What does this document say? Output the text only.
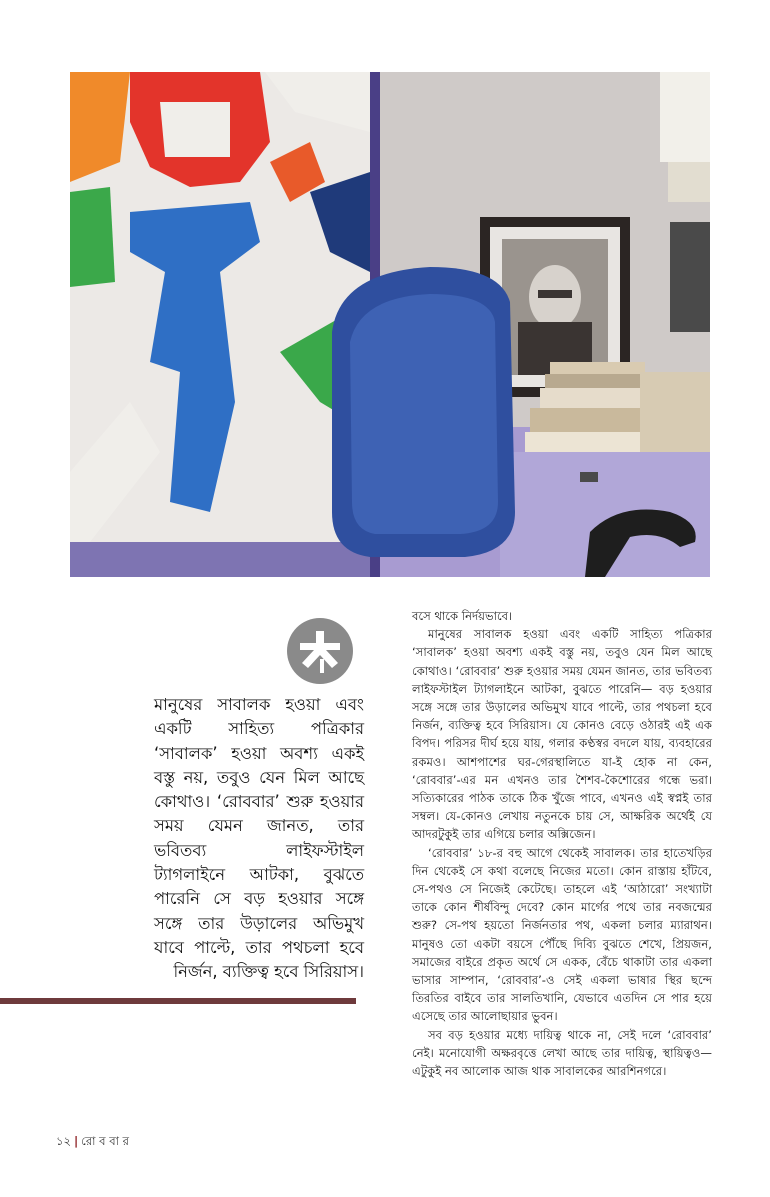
মানুষের সাবালক হওয়া এবং একটি সাহিত্য পত্রিকার ‘সাবালক’ হওয়া অবশ্য একই বস্তু নয়, তবুও যেন মিল আছে কোথাও। ‘রোববার’ শুরু হওয়ার সময় যেমন জানত, তার ভবিতব্য লাইফস্টাইল ট্যাগলাইনে আটকা, বুঝতে পারেনি সে বড় হওয়ার সঙ্গে সঙ্গে তার উড়ালের অভিমুখ যাবে পাল্টে, তার পথচলা হবে নির্জন, ব্যক্তিত্ব হবে সিরিয়াস।

বসে থাকে নির্দয়ভাবে।

মানুষের সাবালক হওয়া এবং একটি সাহিত্য পত্রিকার ‘সাবালক’ হওয়া অবশ্য একই বস্তু নয়, তবুও যেন মিল আছে কোথাও। ‘রোববার’ শুরু হওয়ার সময় যেমন জানত, তার ভবিতব্য লাইফস্টাইল ট্যাগলাইনে আটকা, বুঝতে পারেনি— বড় হওয়ার সঙ্গে সঙ্গে তার উড়ালের অভিমুখ যাবে পাল্টে, তার পথচলা হবে নির্জন, ব্যক্তিত্ব হবে সিরিয়াস। যে কোনও বেড়ে ওঠারই এই এক বিপদ। পরিসর দীর্ঘ হয়ে যায়, গলার কণ্ঠস্বর বদলে যায়, ব্যবহারের রকমও। আশপাশের ঘর-গেরস্থালিতে যা-ই হোক না কেন, ‘রোববার’-এর মন এখনও তার শৈশব-কৈশোরের গন্ধে ভরা। সত্যিকারের পাঠক তাকে ঠিক খুঁজে পাবে, এখনও এই স্বপ্নই তার সম্বল। যে-কোনও লেখায় নতুনকে চায় সে, আক্ষরিক অর্থেই যে আদরটুকুই তার এগিয়ে চলার অক্সিজেন।

‘রোববার’ ১৮-র বহু আগে থেকেই সাবালক। তার হাতেখড়ির দিন থেকেই সে কথা বলেছে নিজের মতো। কোন রাস্তায় হাঁটবে, সে-পথও সে নিজেই কেটেছে। তাহলে এই ‘আঠারো’ সংখ্যাটা তাকে কোন শীর্ষবিন্দু দেবে? কোন মার্গের পথে তার নবজন্মের শুরু? সে-পথ হয়তো নির্জনতার পথ, একলা চলার ম্যারাথন। মানুষও তো একটা বয়সে পৌঁছে দিব্যি বুঝতে শেখে, প্রিয়জন, সমাজের বাইরে প্রকৃত অর্থে সে একক, বেঁচে থাকাটা তার একলা ভাসার সাম্পান, ‘রোববার’-ও সেই একলা ভাষার স্থির ছন্দে তিরতির বাইবে তার সালতিখানি, যেভাবে এতদিন সে পার হয়ে এসেছে তার আলোছায়ার ভুবন।

সব বড় হওয়ার মধ্যে দায়িত্ব থাকে না, সেই দলে ‘রোববার’ নেই। মনোযোগী অক্ষরবৃত্তে লেখা আছে তার দায়িত্ব, স্থায়িত্বও— এটুকুই নব আলোক আজ থাক সাবালকের আরশিনগরে।

১২ | রো ব বা র
